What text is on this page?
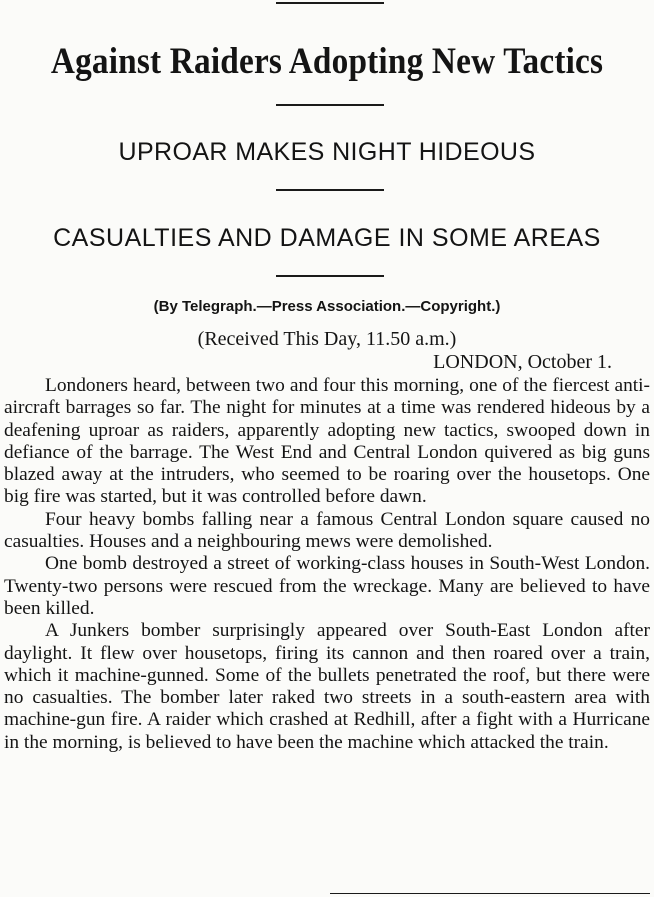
Against Raiders Adopting New Tactics
UPROAR MAKES NIGHT HIDEOUS
CASUALTIES AND DAMAGE IN SOME AREAS
(By Telegraph.—Press Association.—Copyright.)
(Received This Day, 11.50 a.m.)
LONDON, October 1.

Londoners heard, between two and four this morning, one of the fiercest anti-aircraft barrages so far. The night for minutes at a time was rendered hideous by a deafening uproar as raiders, apparently adopting new tactics, swooped down in defiance of the barrage. The West End and Central London quivered as big guns blazed away at the intruders, who seemed to be roaring over the housetops. One big fire was started, but it was controlled before dawn.

Four heavy bombs falling near a famous Central London square caused no casualties. Houses and a neighbouring mews were demolished.

One bomb destroyed a street of working-class houses in South-West London. Twenty-two persons were rescued from the wreckage. Many are believed to have been killed.

A Junkers bomber surprisingly appeared over South-East London after daylight. It flew over housetops, firing its cannon and then roared over a train, which it machine-gunned. Some of the bullets penetrated the roof, but there were no casualties. The bomber later raked two streets in a south-eastern area with machine-gun fire. A raider which crashed at Redhill, after a fight with a Hurricane in the morning, is believed to have been the machine which attacked the train.
